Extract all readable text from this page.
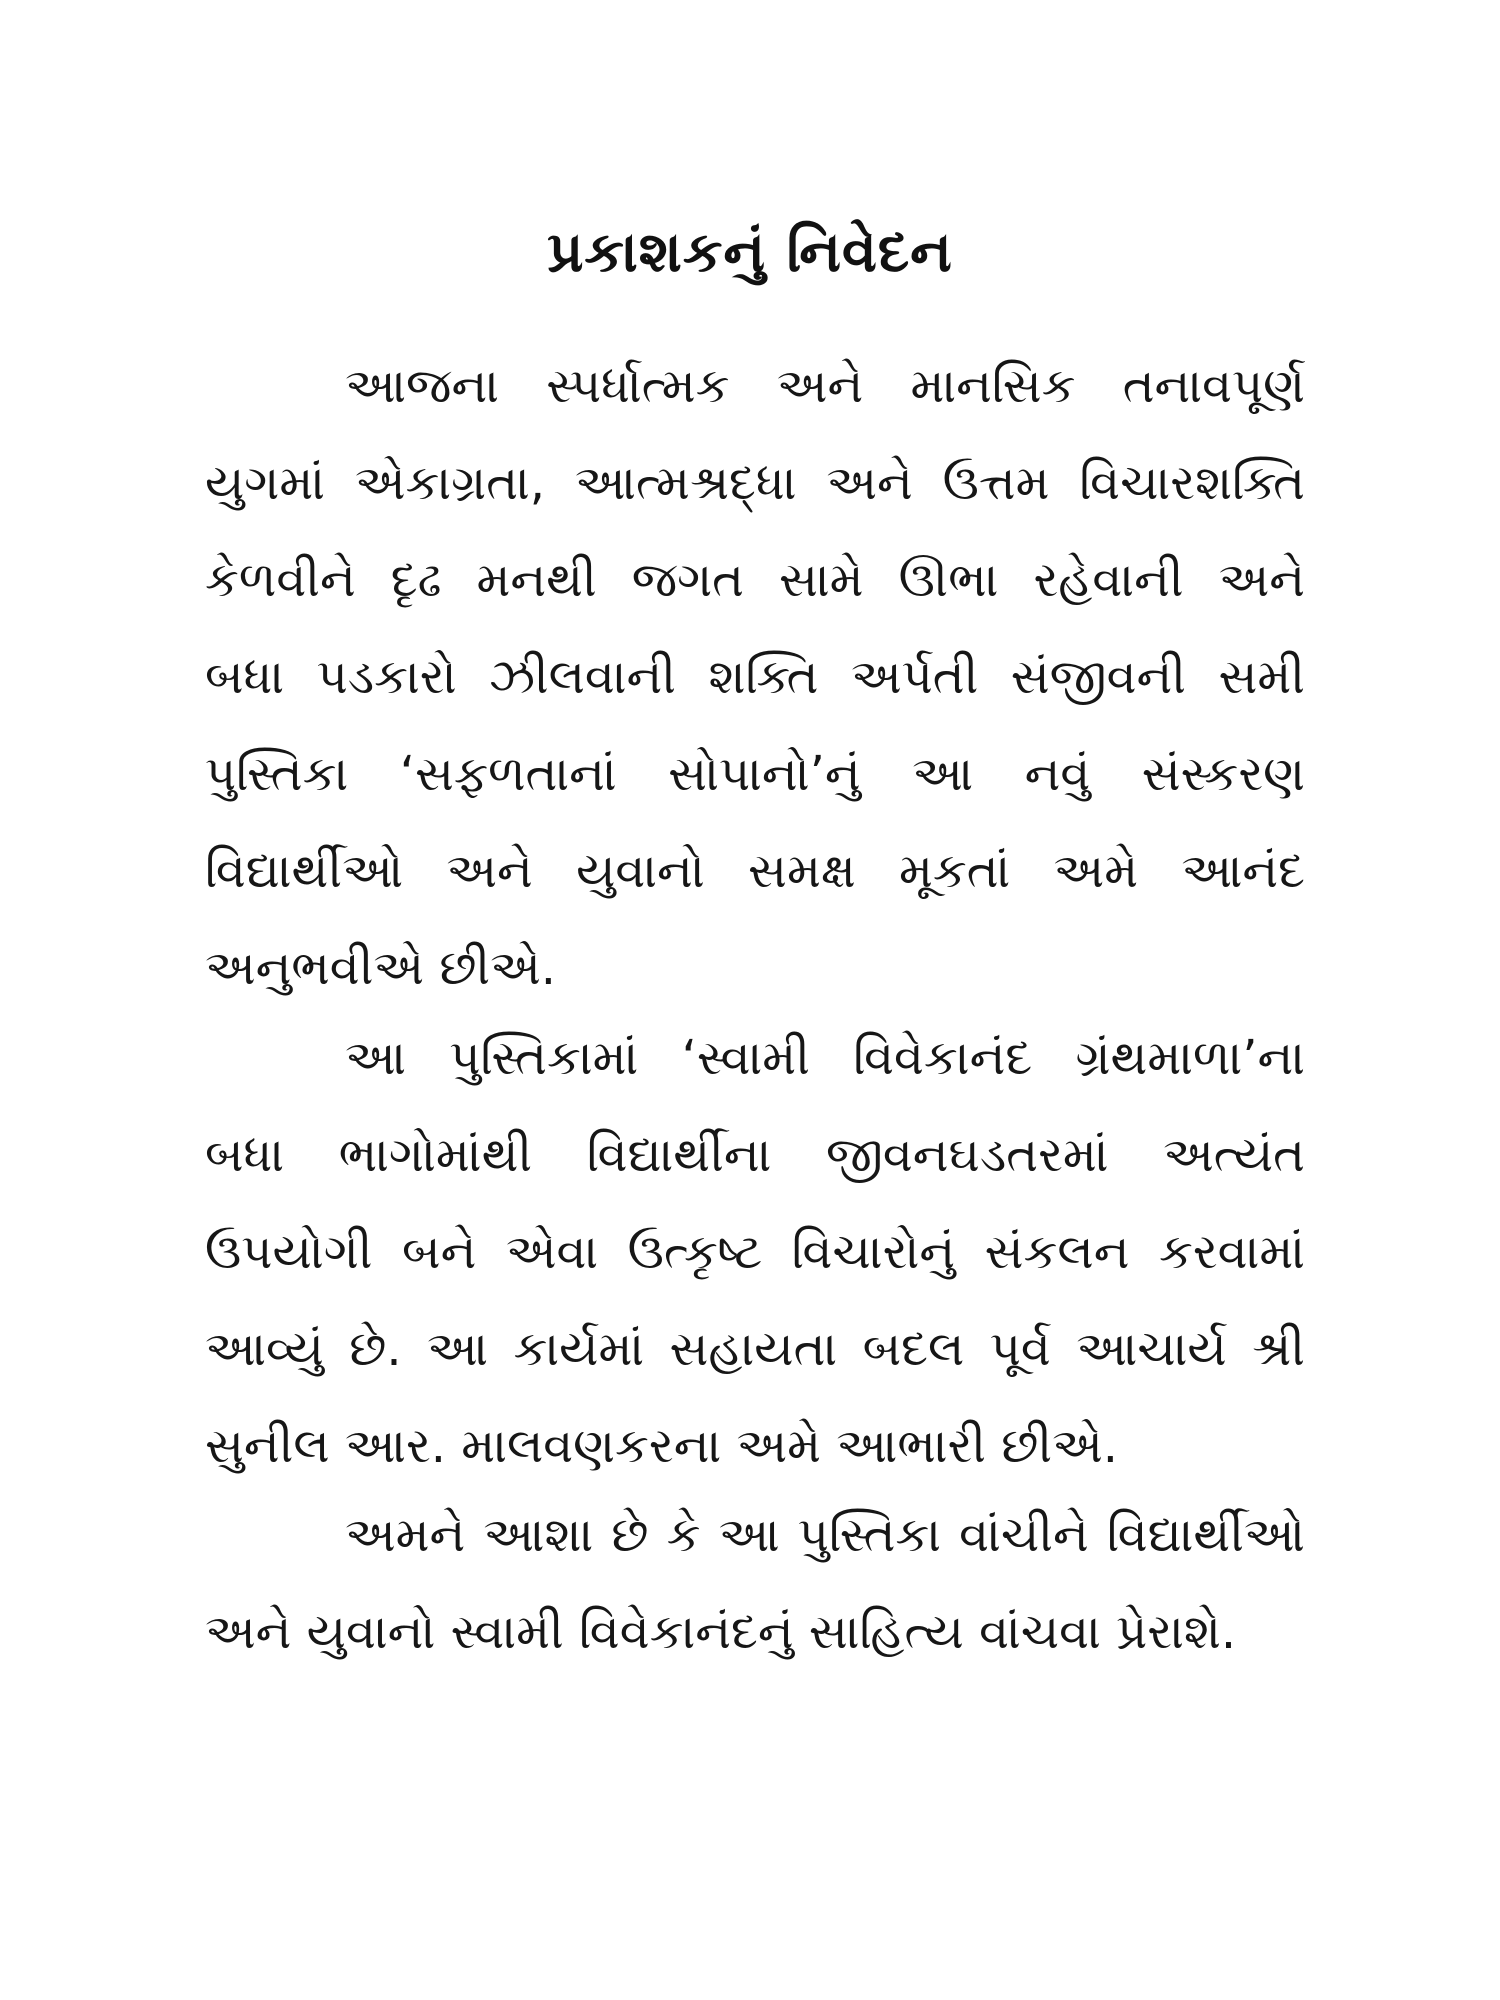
પ્રકાશકનું નિવેદન
આજના સ્પર્ધાત્મક અને માનસિક તનાવપૂર્ણ
યુગમાં એકાગ્રતા, આત્મશ્રદ્ધા અને ઉત્તમ વિચારશક્તિ
કેળવીને દૃઢ મનથી જગત સામે ઊભા રહેવાની અને
બધા પડકારો ઝીલવાની શક્તિ અર્પતી સંજીવની સમી
પુસ્તિકા ‘સફળતાનાં સોપાનો’નું આ નવું સંસ્કરણ
વિદ્યાર્થીઓ અને યુવાનો સમક્ષ મૂકતાં અમે આનંદ
અનુભવીએ છીએ.
આ પુસ્તિકામાં ‘સ્વામી વિવેકાનંદ ગ્રંથમાળા’ના
બધા ભાગોમાંથી વિદ્યાર્થીના જીવનઘડતરમાં અત્યંત
ઉપયોગી બને એવા ઉત્કૃષ્ટ વિચારોનું સંકલન કરવામાં
આવ્યું છે. આ કાર્યમાં સહાયતા બદલ પૂર્વ આચાર્ય શ્રી
સુનીલ આર. માલવણકરના અમે આભારી છીએ.
અમને આશા છે કે આ પુસ્તિકા વાંચીને વિદ્યાર્થીઓ
અને યુવાનો સ્વામી વિવેકાનંદનું સાહિત્ય વાંચવા પ્રેરાશે.
